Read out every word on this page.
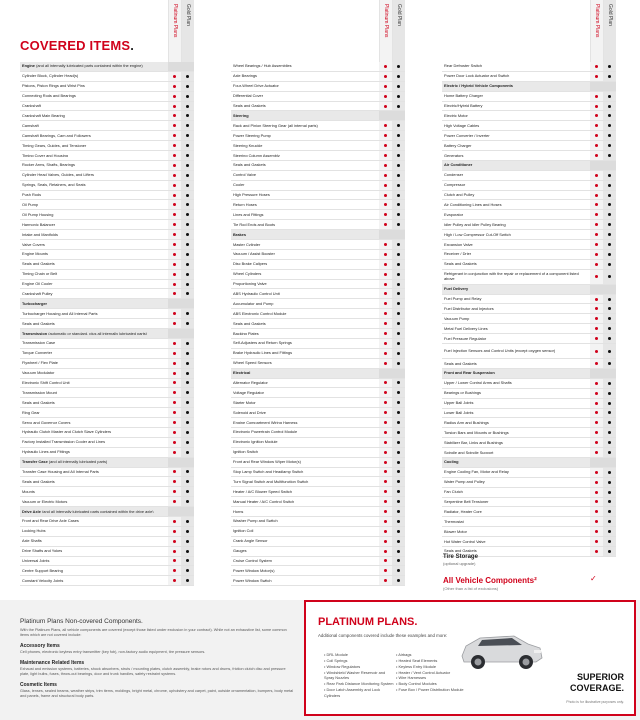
Platinum Plans Gold Plan	Platinum Plans Gold Plan	Platinum Plans Gold Plan
COVERED ITEMS.
Engine (and all internally lubricated parts contained within the engine)
Cylinder Block, Cylinder Head(s)
Pistons, Piston Rings and Wrist Pins
Connecting Rods and Bearings
Crankshaft
Crankshaft Main Bearing
Camshaft
Camshaft Bearings, Cam and Followers
Timing Gears, Guides, and Tensioner
Timing Cover and Housing
Rocker Arms, Shafts, Bearings
Cylinder Head Valves, Guides, and Lifters
Springs, Seals, Retainers, and Seats
Push Rods
Oil Pump
Oil Pump Housing
Harmonic Balancer
Intake and Manifolds
Valve Covers
Engine Mounts
Seals and Gaskets
Timing Chain or Belt
Engine Oil Cooler
Crankshaft Pulley
Turbocharger
Turbocharger Housing and All Internal Parts
Seals and Gaskets
Transmission (automatic or standard, plus all internally lubricated parts)
Transmission Case
Torque Converter
Flywheel / Flex Plate
Vacuum Modulator
Electronic Shift Control Unit
Transmission Mount
Seals and Gaskets
Ring Gear
Servo and Governor Covers
Hydraulic Clutch Master and Clutch Slave Cylinders
Factory Installed Transmission Cooler and Lines
Hydraulic Lines and Fittings
Transfer Case (and all internally lubricated parts)
Transfer Case Housing and All Internal Parts
Seals and Gaskets
Mounts
Vacuum or Electric Motors
Drive Axle (and all internally lubricated parts contained within the drive axle)
Front and Rear Drive Axle Cases
Locking Hubs
Axle Shafts
Drive Shafts and Yokes
Universal Joints
Centre Support Bearing
Constant Velocity Joints
Wheel Bearings / Hub Assemblies
Axle Bearings
Four-Wheel Drive Actuator
Differential Cover
Seals and Gaskets
Steering
Rack and Pinion Steering Gear (all internal parts)
Power Steering Pump
Steering Knuckle
Steering Column Assembly
Seals and Gaskets
Control Valve
Cooler
High Pressure Hoses
Return Hoses
Lines and Fittings
Tie Rod Ends and Boots
Brakes
Master Cylinder
Vacuum / Assist Booster
Disc Brake Calipers
Wheel Cylinders
Proportioning Valve
ABS Hydraulic Control Unit
Accumulator and Pump
ABS Electronic Control Module
Seals and Gaskets
Backing Plates
Self-Adjusters and Return Springs
Brake Hydraulic Lines and Fittings
Wheel Speed Sensors
Electrical
Alternator Regulator
Voltage Regulator
Starter Motor
Solenoid and Drive
Engine Compartment Wiring Harness
Electronic Powertrain Control Module
Electronic Ignition Module
Ignition Switch
Front and Rear Window Wiper Motor(s)
Stop Lamp Switch and Headlamp Switch
Turn Signal Switch and Multifunction Switch
Heater / A/C Blower Speed Switch
Manual Heater / A/C Control Switch
Horns
Washer Pump and Switch
Ignition Coil
Crank Angle Sensor
Gauges
Cruise Control System
Power Window Motor(s)
Power Window Switch
Rear Defroster Switch
Power Door Lock Actuator and Switch
Electric / Hybrid Vehicle Components
Home Battery Charger
Electric/Hybrid Battery
Electric Motor
High Voltage Cables
Power Converter / Inverter
Battery Charger
Generators
Air Conditioner
Condenser
Compressor
Clutch and Pulley
Air Conditioning Lines and Hoses
Evaporator
Idler Pulley and Idler Pulley Bearing
High / Low Compressor Cut-Off Switch
Expansion Valve
Receiver / Drier
Seals and Gaskets
Refrigerant in conjunction with the repair or replacement of a component listed above
Fuel Delivery
Fuel Pump and Relay
Fuel Distributor and Injectors
Vacuum Pump
Metal Fuel Delivery Lines
Fuel Pressure Regulator
Fuel Injection Sensors and Control Units (except oxygen sensor)
Seals and Gaskets
Front and Rear Suspension
Upper / Lower Control Arms and Shafts
Bearings or Bushings
Upper Ball Joints
Lower Ball Joints
Radius Arm and Bushings
Torsion Bars and Mounts or Bushings
Stabilizer Bar, Links and Bushings
Spindle and Spindle Support
Cooling
Engine Cooling Fan, Motor and Relay
Water Pump and Pulley
Fan Clutch
Serpentine Belt Tensioner
Radiator, Heater Core
Thermostat
Blower Motor
Hot Water Control Valve
Seals and Gaskets
Tire Storage
(optional upgrade)
All Vehicle Components²
(Other than a list of exclusions)
✓
Platinum Plans Non-covered Components.
With the Platinum Plans, all vehicle components are covered (except those listed under exclusion in your contract). While not an exhaustive list, some common items which are not covered include:
Accessory Items
Cell phones, electronic keyless entry transmitter (key fob), non-factory audio equipment, tire pressure sensors.
Maintenance Related Items
Exhaust and emission systems, batteries, shock absorbers, struts / mounting plates, clutch assembly, brake rotors and drums, friction clutch disc and pressure plate, light bulbs, fuses, throw-out bearings, door and trunk handles, safety restraint systems.
Cosmetic Items
Glass, lenses, sealed beams, weather strips, trim items, moldings, bright metal, chrome, upholstery and carpet, paint, outside ornamentation, bumpers, body metal and panels, frame and structural body parts.
PLATINUM PLANS.
Additional components covered include these examples and more:
• DRL Module
• Coil Springs
• Window Regulators
• Windshield Washer Reservoir and Spray Nozzles
• Rear Park Distance Monitoring System
• Door Latch Assembly and Lock Cylinders
• Airbags
• Heated Seat Elements
• Keyless Entry Module
• Heater / Vent Control Actuator
• Wire Harnesses
• Body Control Modules
• Fuse Box / Power Distribution Module
SUPERIOR
COVERAGE.
Photo is for illustrative purposes only.
